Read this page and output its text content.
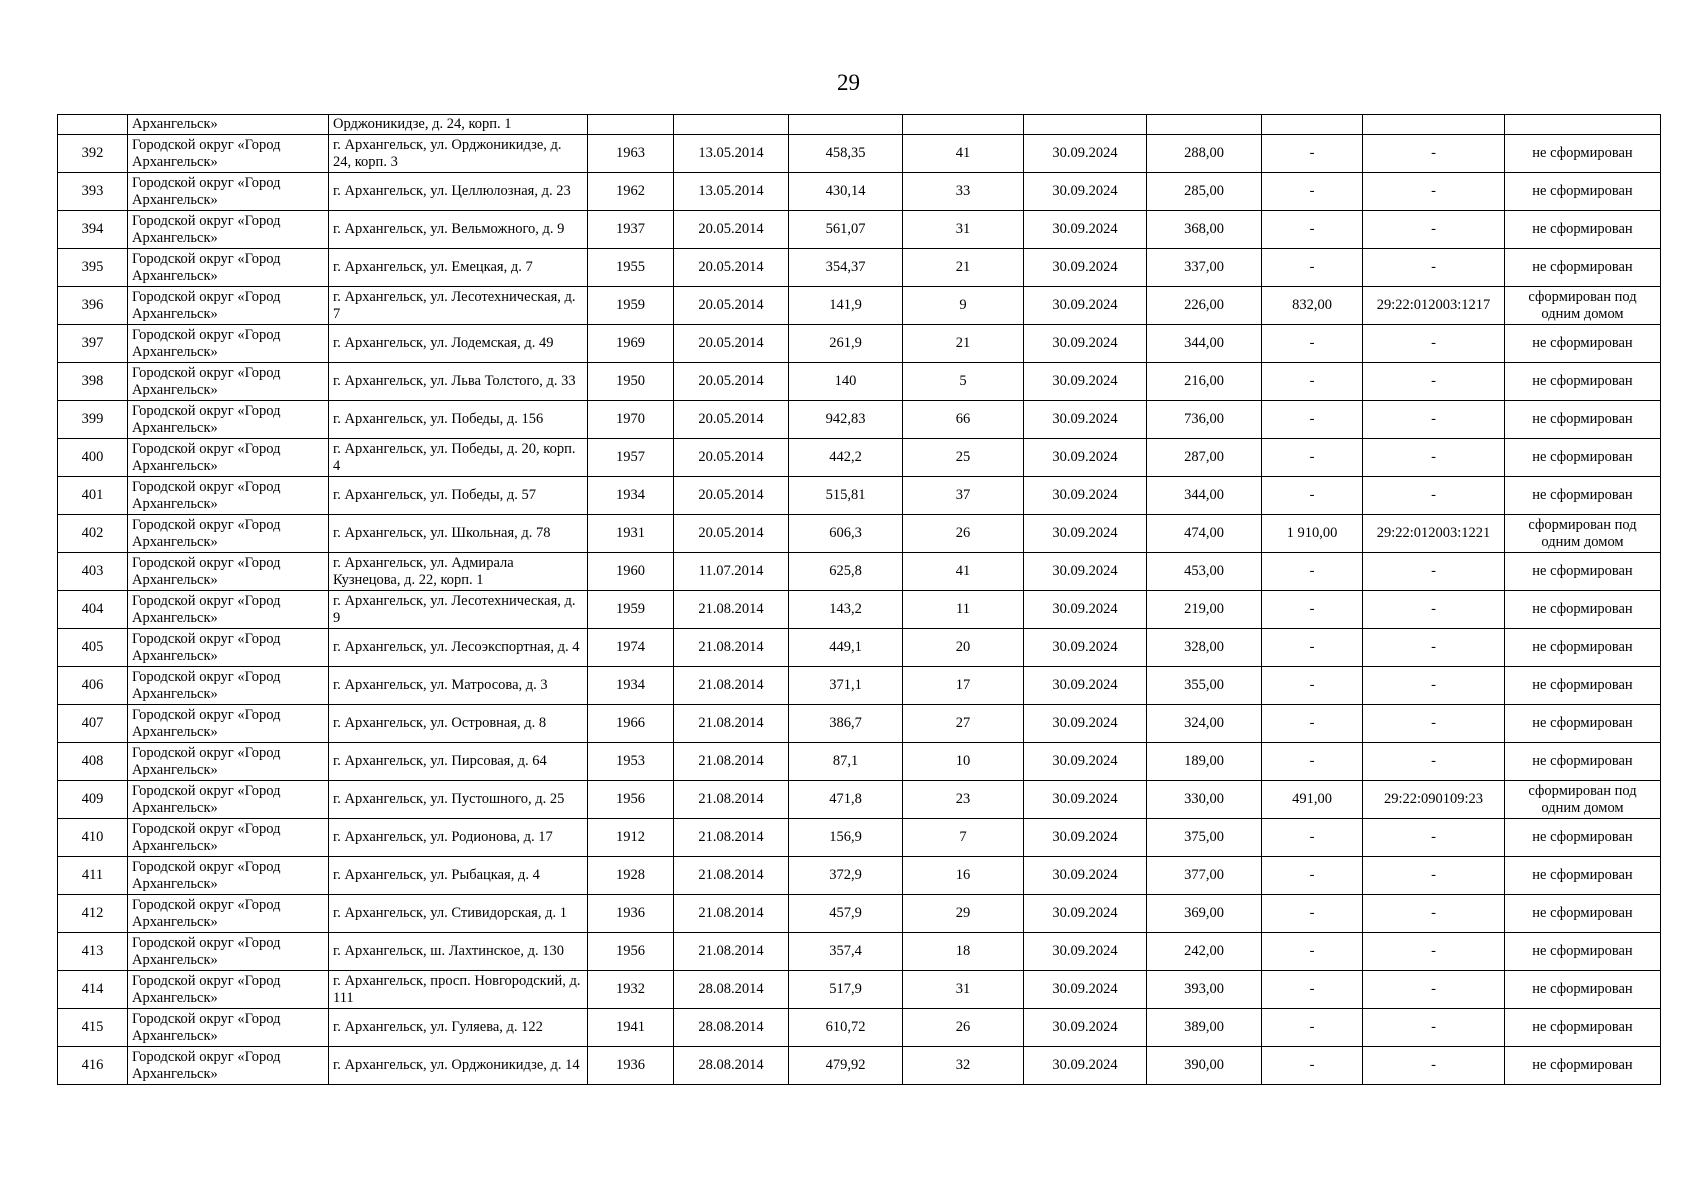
29
	Архангельск»	Орджоникидзе, д. 24, корп. 1									
392	Городской округ «Город Архангельск»	г. Архангельск, ул. Орджоникидзе, д. 24, корп. 3	1963	13.05.2014	458,35	41	30.09.2024	288,00	-	-	не сформирован
393	Городской округ «Город Архангельск»	г. Архангельск, ул. Целлюлозная, д. 23	1962	13.05.2014	430,14	33	30.09.2024	285,00	-	-	не сформирован
394	Городской округ «Город Архангельск»	г. Архангельск, ул. Вельможного, д. 9	1937	20.05.2014	561,07	31	30.09.2024	368,00	-	-	не сформирован
395	Городской округ «Город Архангельск»	г. Архангельск, ул. Емецкая, д. 7	1955	20.05.2014	354,37	21	30.09.2024	337,00	-	-	не сформирован
396	Городской округ «Город Архангельск»	г. Архангельск, ул. Лесотехническая, д. 7	1959	20.05.2014	141,9	9	30.09.2024	226,00	832,00	29:22:012003:1217	сформирован под одним домом
397	Городской округ «Город Архангельск»	г. Архангельск, ул. Лодемская, д. 49	1969	20.05.2014	261,9	21	30.09.2024	344,00	-	-	не сформирован
398	Городской округ «Город Архангельск»	г. Архангельск, ул. Льва Толстого, д. 33	1950	20.05.2014	140	5	30.09.2024	216,00	-	-	не сформирован
399	Городской округ «Город Архангельск»	г. Архангельск, ул. Победы, д. 156	1970	20.05.2014	942,83	66	30.09.2024	736,00	-	-	не сформирован
400	Городской округ «Город Архангельск»	г. Архангельск, ул. Победы, д. 20, корп. 4	1957	20.05.2014	442,2	25	30.09.2024	287,00	-	-	не сформирован
401	Городской округ «Город Архангельск»	г. Архангельск, ул. Победы, д. 57	1934	20.05.2014	515,81	37	30.09.2024	344,00	-	-	не сформирован
402	Городской округ «Город Архангельск»	г. Архангельск, ул. Школьная, д. 78	1931	20.05.2014	606,3	26	30.09.2024	474,00	1 910,00	29:22:012003:1221	сформирован под одним домом
403	Городской округ «Город Архангельск»	г. Архангельск, ул. Адмирала Кузнецова, д. 22, корп. 1	1960	11.07.2014	625,8	41	30.09.2024	453,00	-	-	не сформирован
404	Городской округ «Город Архангельск»	г. Архангельск, ул. Лесотехническая, д. 9	1959	21.08.2014	143,2	11	30.09.2024	219,00	-	-	не сформирован
405	Городской округ «Город Архангельск»	г. Архангельск, ул. Лесоэкспортная, д. 4	1974	21.08.2014	449,1	20	30.09.2024	328,00	-	-	не сформирован
406	Городской округ «Город Архангельск»	г. Архангельск, ул. Матросова, д. 3	1934	21.08.2014	371,1	17	30.09.2024	355,00	-	-	не сформирован
407	Городской округ «Город Архангельск»	г. Архангельск, ул. Островная, д. 8	1966	21.08.2014	386,7	27	30.09.2024	324,00	-	-	не сформирован
408	Городской округ «Город Архангельск»	г. Архангельск, ул. Пирсовая, д. 64	1953	21.08.2014	87,1	10	30.09.2024	189,00	-	-	не сформирован
409	Городской округ «Город Архангельск»	г. Архангельск, ул. Пустошного, д. 25	1956	21.08.2014	471,8	23	30.09.2024	330,00	491,00	29:22:090109:23	сформирован под одним домом
410	Городской округ «Город Архангельск»	г. Архангельск, ул. Родионова, д. 17	1912	21.08.2014	156,9	7	30.09.2024	375,00	-	-	не сформирован
411	Городской округ «Город Архангельск»	г. Архангельск, ул. Рыбацкая, д. 4	1928	21.08.2014	372,9	16	30.09.2024	377,00	-	-	не сформирован
412	Городской округ «Город Архангельск»	г. Архангельск, ул. Стивидорская, д. 1	1936	21.08.2014	457,9	29	30.09.2024	369,00	-	-	не сформирован
413	Городской округ «Город Архангельск»	г. Архангельск, ш. Лахтинское, д. 130	1956	21.08.2014	357,4	18	30.09.2024	242,00	-	-	не сформирован
414	Городской округ «Город Архангельск»	г. Архангельск, просп. Новгородский, д. 111	1932	28.08.2014	517,9	31	30.09.2024	393,00	-	-	не сформирован
415	Городской округ «Город Архангельск»	г. Архангельск, ул. Гуляева, д. 122	1941	28.08.2014	610,72	26	30.09.2024	389,00	-	-	не сформирован
416	Городской округ «Город Архангельск»	г. Архангельск, ул. Орджоникидзе, д. 14	1936	28.08.2014	479,92	32	30.09.2024	390,00	-	-	не сформирован
